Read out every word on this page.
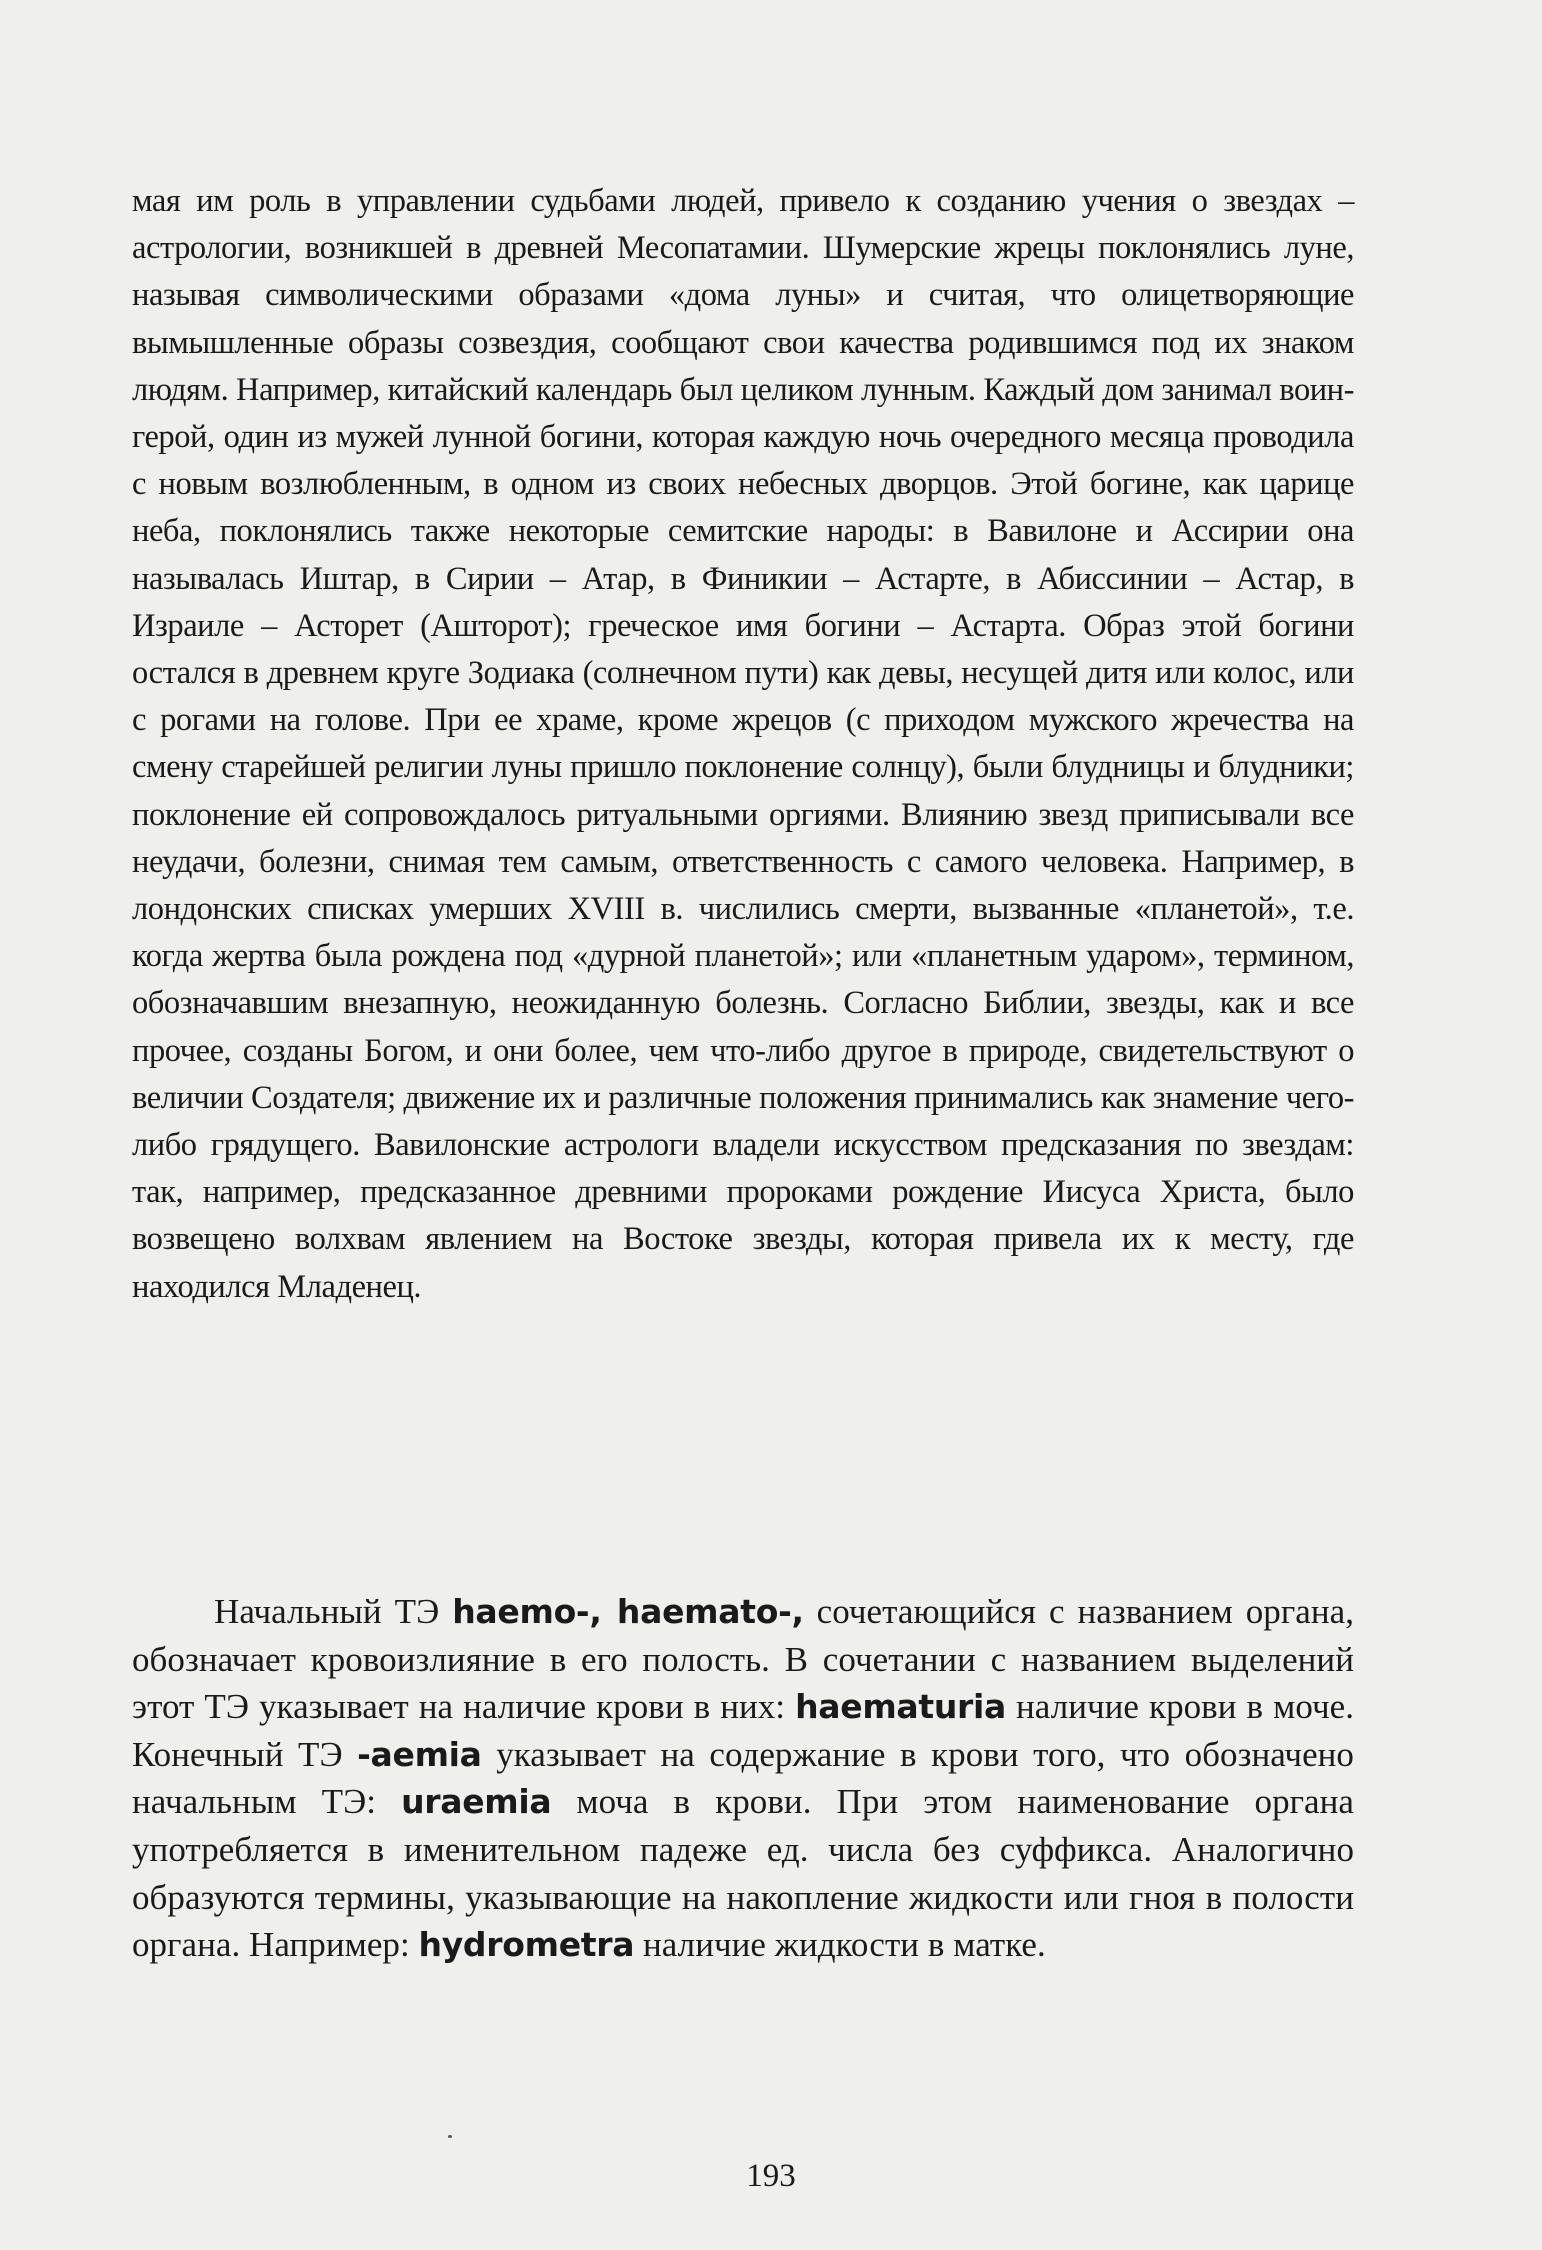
мая им роль в управлении судьбами людей, привело к созданию учения о звездах – астрологии, возникшей в древней Месопатамии. Шумерские жрецы поклонялись луне, называя символическими образами «дома луны» и считая, что олицетворяющие вымышленные образы созвездия, сообщают свои качества родившимся под их знаком людям. Например, китайский календарь был целиком лунным. Каждый дом занимал воин-герой, один из мужей лунной богини, которая каждую ночь очередного месяца проводила с новым возлюбленным, в одном из своих небесных дворцов. Этой богине, как царице неба, поклонялись также некоторые семитские народы: в Вавилоне и Ассирии она называлась Иштар, в Сирии – Атар, в Финикии – Астарте, в Абиссинии – Астар, в Израиле – Асторет (Ашторот); греческое имя богини – Астарта. Образ этой богини остался в древнем круге Зодиака (солнечном пути) как девы, несущей дитя или колос, или с рогами на голове. При ее храме, кроме жрецов (с приходом мужского жречества на смену старейшей религии луны пришло поклонение солнцу), были блудницы и блудники; поклонение ей сопровождалось ритуальными оргиями. Влиянию звезд приписывали все неудачи, болезни, снимая тем самым, ответственность с самого человека. Например, в лондонских списках умерших XVIII в. числились смерти, вызванные «планетой», т.е. когда жертва была рождена под «дурной планетой»; или «планетным ударом», термином, обозначавшим внезапную, неожиданную болезнь. Согласно Библии, звезды, как и все прочее, созданы Богом, и они более, чем что-либо другое в природе, свидетельствуют о величии Создателя; движение их и различные положения принимались как знамение чего-либо грядущего. Вавилонские астрологи владели искусством предсказания по звездам: так, например, предсказанное древними пророками рождение Иисуса Христа, было возвещено волхвам явлением на Востоке звезды, которая привела их к месту, где находился Младенец.

Начальный ТЭ haemo-, haemato-, сочетающийся с названием органа, обозначает кровоизлияние в его полость. В сочетании с названием выделений этот ТЭ указывает на наличие крови в них: haematuria наличие крови в моче. Конечный ТЭ -aemia указывает на содержание в крови того, что обозначено начальным ТЭ: uraemia моча в крови. При этом наименование органа употребляется в именительном падеже ед. числа без суффикса. Аналогично образуются термины, указывающие на накопление жидкости или гноя в полости органа. Например: hydrometra наличие жидкости в матке.

193
